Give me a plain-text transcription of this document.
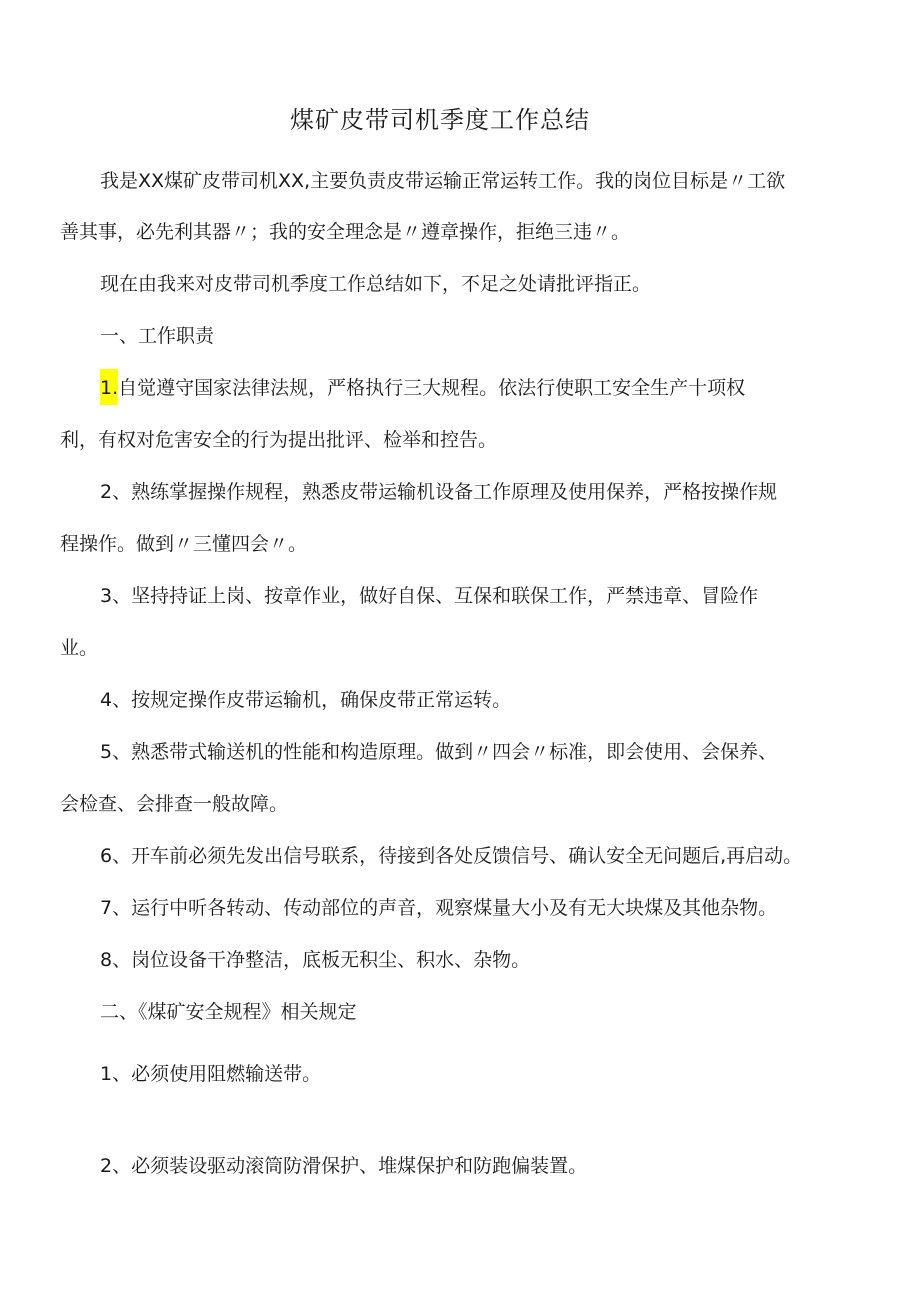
煤矿皮带司机季度工作总结
我是XX煤矿皮带司机XX,主要负责皮带运输正常运转工作。我的岗位目标是〃工欲
善其事，必先利其器〃；我的安全理念是〃遵章操作，拒绝三违〃。
现在由我来对皮带司机季度工作总结如下，不足之处请批评指正。
一、工作职责
1.自觉遵守国家法律法规，严格执行三大规程。依法行使职工安全生产十项权
利，有权对危害安全的行为提出批评、检举和控告。
2、熟练掌握操作规程，熟悉皮带运输机设备工作原理及使用保养，严格按操作规
程操作。做到〃三懂四会〃。
3、坚持持证上岗、按章作业，做好自保、互保和联保工作，严禁违章、冒险作
业。
4、按规定操作皮带运输机，确保皮带正常运转。
5、熟悉带式输送机的性能和构造原理。做到〃四会〃标准，即会使用、会保养、
会检查、会排查一般故障。
6、开车前必须先发出信号联系，待接到各处反馈信号、确认安全无问题后,再启动。
7、运行中听各转动、传动部位的声音，观察煤量大小及有无大块煤及其他杂物。
8、岗位设备干净整洁，底板无积尘、积水、杂物。
二、《煤矿安全规程》相关规定
1、必须使用阻燃输送带。
2、必须装设驱动滚筒防滑保护、堆煤保护和防跑偏装置。
